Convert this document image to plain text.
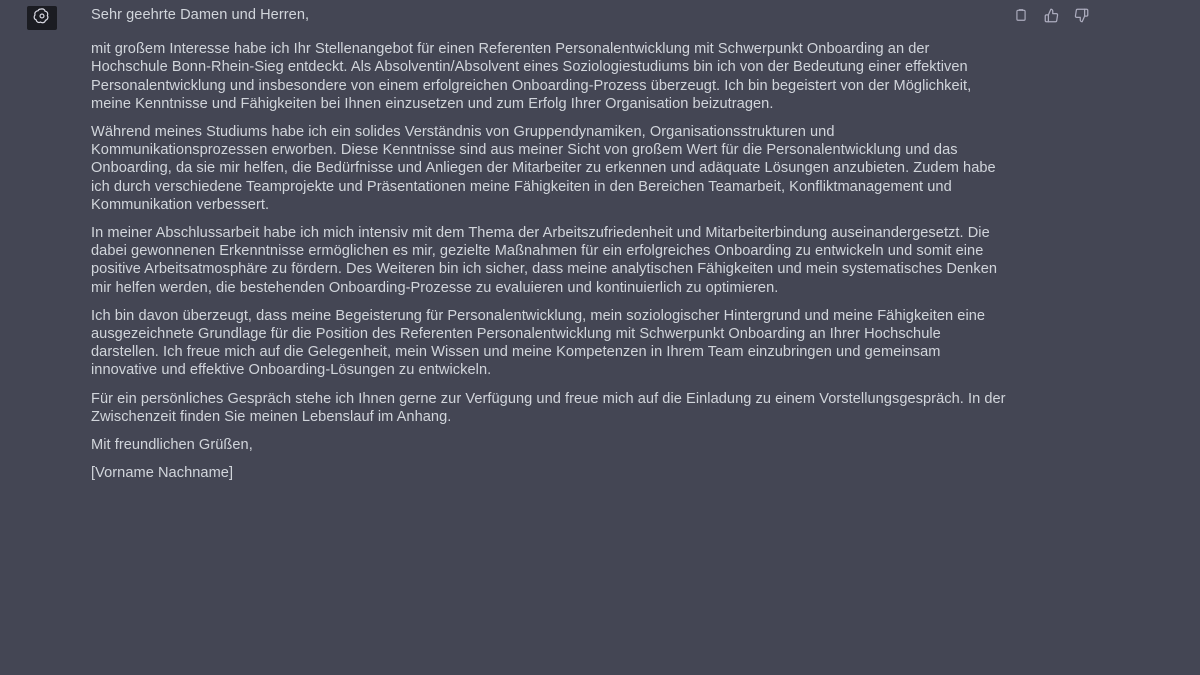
Sehr geehrte Damen und Herren,

mit großem Interesse habe ich Ihr Stellenangebot für einen Referenten Personalentwicklung mit Schwerpunkt Onboarding an der Hochschule Bonn-Rhein-Sieg entdeckt. Als Absolventin/Absolvent eines Soziologiestudiums bin ich von der Bedeutung einer effektiven Personalentwicklung und insbesondere von einem erfolgreichen Onboarding-Prozess überzeugt. Ich bin begeistert von der Möglichkeit, meine Kenntnisse und Fähigkeiten bei Ihnen einzusetzen und zum Erfolg Ihrer Organisation beizutragen.

Während meines Studiums habe ich ein solides Verständnis von Gruppendynamiken, Organisationsstrukturen und Kommunikationsprozessen erworben. Diese Kenntnisse sind aus meiner Sicht von großem Wert für die Personalentwicklung und das Onboarding, da sie mir helfen, die Bedürfnisse und Anliegen der Mitarbeiter zu erkennen und adäquate Lösungen anzubieten. Zudem habe ich durch verschiedene Teamprojekte und Präsentationen meine Fähigkeiten in den Bereichen Teamarbeit, Konfliktmanagement und Kommunikation verbessert.

In meiner Abschlussarbeit habe ich mich intensiv mit dem Thema der Arbeitszufriedenheit und Mitarbeiterbindung auseinandergesetzt. Die dabei gewonnenen Erkenntnisse ermöglichen es mir, gezielte Maßnahmen für ein erfolgreiches Onboarding zu entwickeln und somit eine positive Arbeitsatmosphäre zu fördern. Des Weiteren bin ich sicher, dass meine analytischen Fähigkeiten und mein systematisches Denken mir helfen werden, die bestehenden Onboarding-Prozesse zu evaluieren und kontinuierlich zu optimieren.

Ich bin davon überzeugt, dass meine Begeisterung für Personalentwicklung, mein soziologischer Hintergrund und meine Fähigkeiten eine ausgezeichnete Grundlage für die Position des Referenten Personalentwicklung mit Schwerpunkt Onboarding an Ihrer Hochschule darstellen. Ich freue mich auf die Gelegenheit, mein Wissen und meine Kompetenzen in Ihrem Team einzubringen und gemeinsam innovative und effektive Onboarding-Lösungen zu entwickeln.

Für ein persönliches Gespräch stehe ich Ihnen gerne zur Verfügung und freue mich auf die Einladung zu einem Vorstellungsgespräch. In der Zwischenzeit finden Sie meinen Lebenslauf im Anhang.

Mit freundlichen Grüßen,

[Vorname Nachname]
